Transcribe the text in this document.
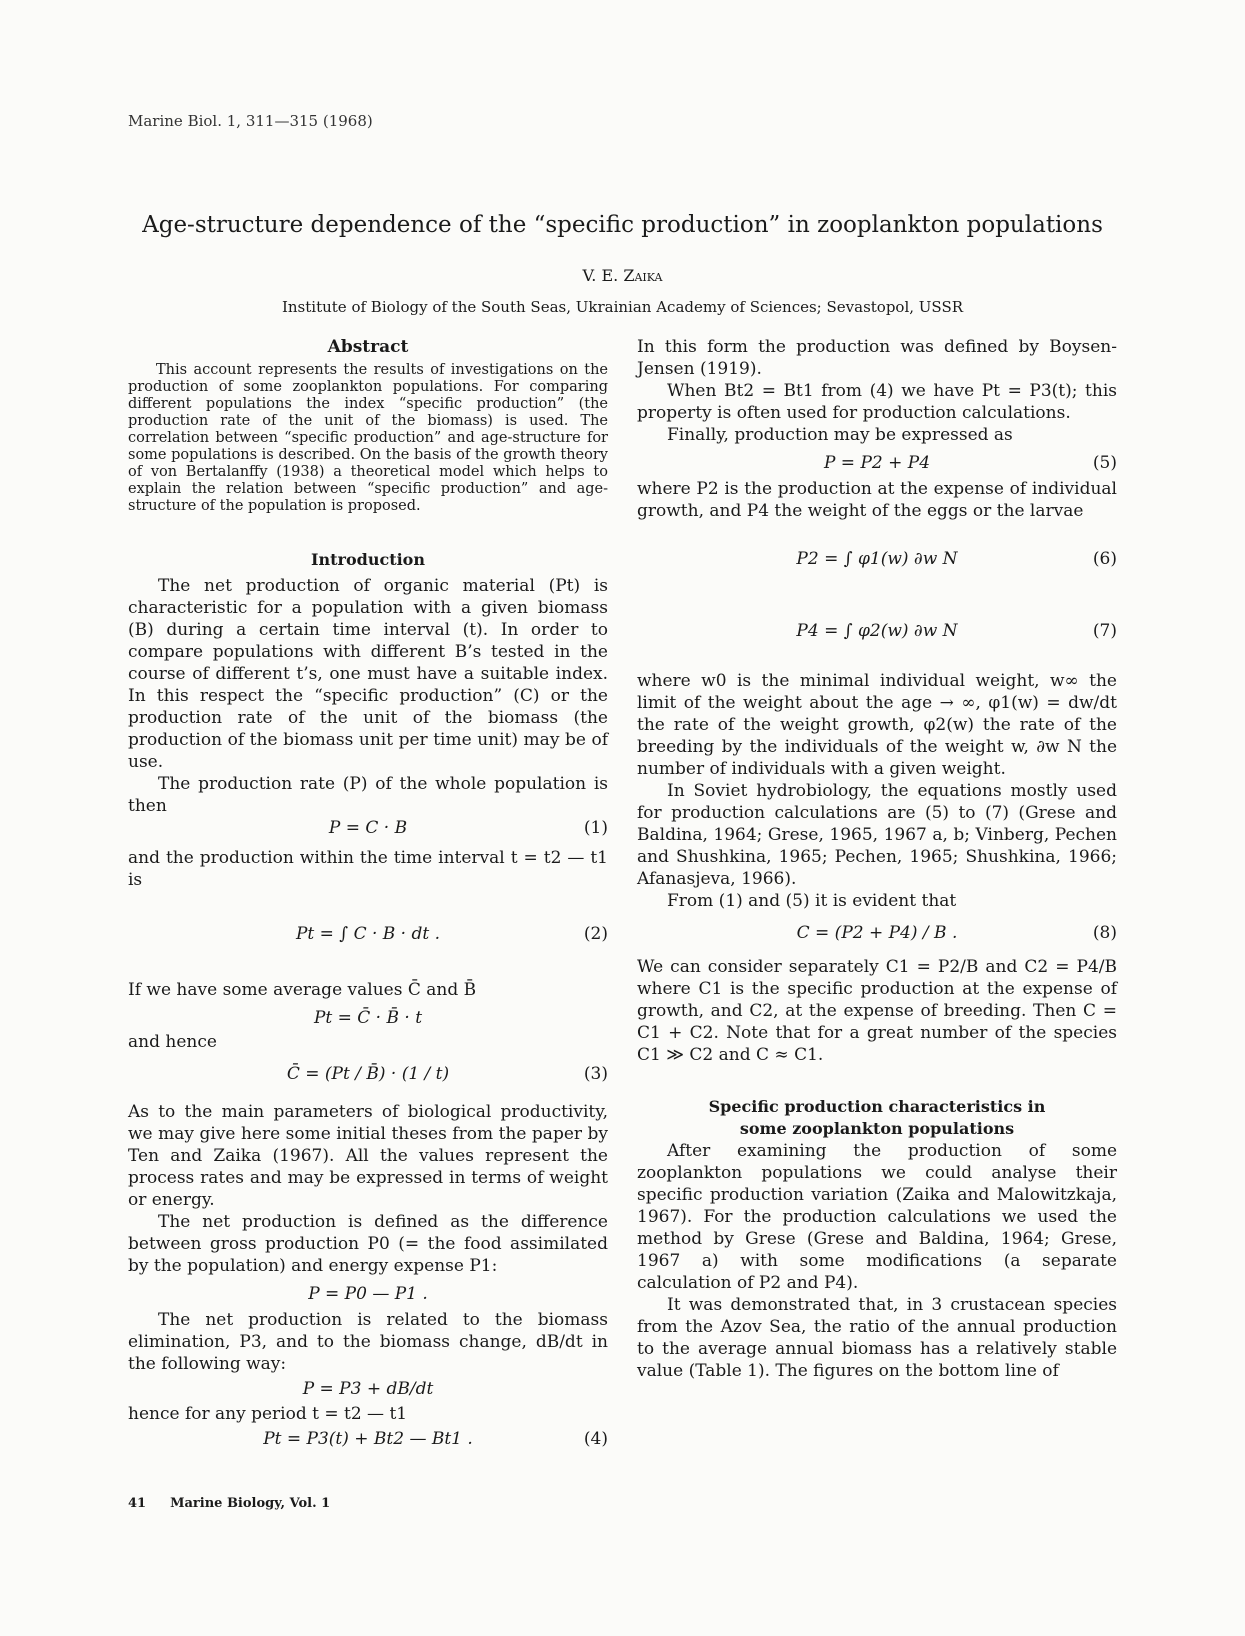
Marine Biol. 1, 311—315 (1968)
Age-structure dependence of the “specific production” in zooplankton populations
V. E. Zaika
Institute of Biology of the South Seas, Ukrainian Academy of Sciences; Sevastopol, USSR
Abstract

This account represents the results of investigations on the production of some zooplankton populations. For comparing different populations the index “specific production” (the production rate of the unit of the biomass) is used. The correlation between “specific production” and age-structure for some populations is described. On the basis of the growth theory of von Bertalanffy (1938) a theoretical model which helps to explain the relation between “specific production” and age-structure of the population is proposed.

Introduction

The net production of organic material (Pt) is characteristic for a population with a given biomass (B) during a certain time interval (t). In order to compare populations with different B’s tested in the course of different t’s, one must have a suitable index. In this respect the “specific production” (C) or the production rate of the unit of the biomass (the production of the biomass unit per time unit) may be of use.

The production rate (P) of the whole population is then

P = C · B	(1)

and the production within the time interval t = t2 — t1 is

Pt = ∫ C · B · dt .	(2)

If we have some average values C̄ and B̄

Pt = C̄ · B̄ · t

and hence

C̄ = (Pt / B̄) · (1 / t)	(3)

As to the main parameters of biological productivity, we may give here some initial theses from the paper by Ten and Zaika (1967). All the values represent the process rates and may be expressed in terms of weight or energy.

The net production is defined as the difference between gross production P0 (= the food assimilated by the population) and energy expense P1:

P = P0 — P1 .

The net production is related to the biomass elimination, P3, and to the biomass change, dB/dt in the following way:

P = P3 + dB/dt

hence for any period t = t2 — t1

Pt = P3(t) + Bt2 — Bt1 .	(4)

In this form the production was defined by Boysen-Jensen (1919).

When Bt2 = Bt1 from (4) we have Pt = P3(t); this property is often used for production calculations.

Finally, production may be expressed as

P = P2 + P4	(5)

where P2 is the production at the expense of individual growth, and P4 the weight of the eggs or the larvae

P2 = ∫ φ1(w) ∂w N	(6)
P4 = ∫ φ2(w) ∂w N	(7)

where w0 is the minimal individual weight, w∞ the limit of the weight about the age → ∞, φ1(w) = dw/dt the rate of the weight growth, φ2(w) the rate of the breeding by the individuals of the weight w, ∂w N the number of individuals with a given weight.

In Soviet hydrobiology, the equations mostly used for production calculations are (5) to (7) (Grese and Baldina, 1964; Grese, 1965, 1967 a, b; Vinberg, Pechen and Shushkina, 1965; Pechen, 1965; Shushkina, 1966; Afanasjeva, 1966).

From (1) and (5) it is evident that

C = (P2 + P4) / B .	(8)

We can consider separately C1 = P2/B and C2 = P4/B where C1 is the specific production at the expense of growth, and C2, at the expense of breeding. Then C = C1 + C2. Note that for a great number of the species C1 ≫ C2 and C ≈ C1.

Specific production characteristics in some zooplankton populations

After examining the production of some zooplankton populations we could analyse their specific production variation (Zaika and Malowitzkaja, 1967). For the production calculations we used the method by Grese (Grese and Baldina, 1964; Grese, 1967 a) with some modifications (a separate calculation of P2 and P4).

It was demonstrated that, in 3 crustacean species from the Azov Sea, the ratio of the annual production to the average annual biomass has a relatively stable value (Table 1). The figures on the bottom line of

41 Marine Biology, Vol. 1
